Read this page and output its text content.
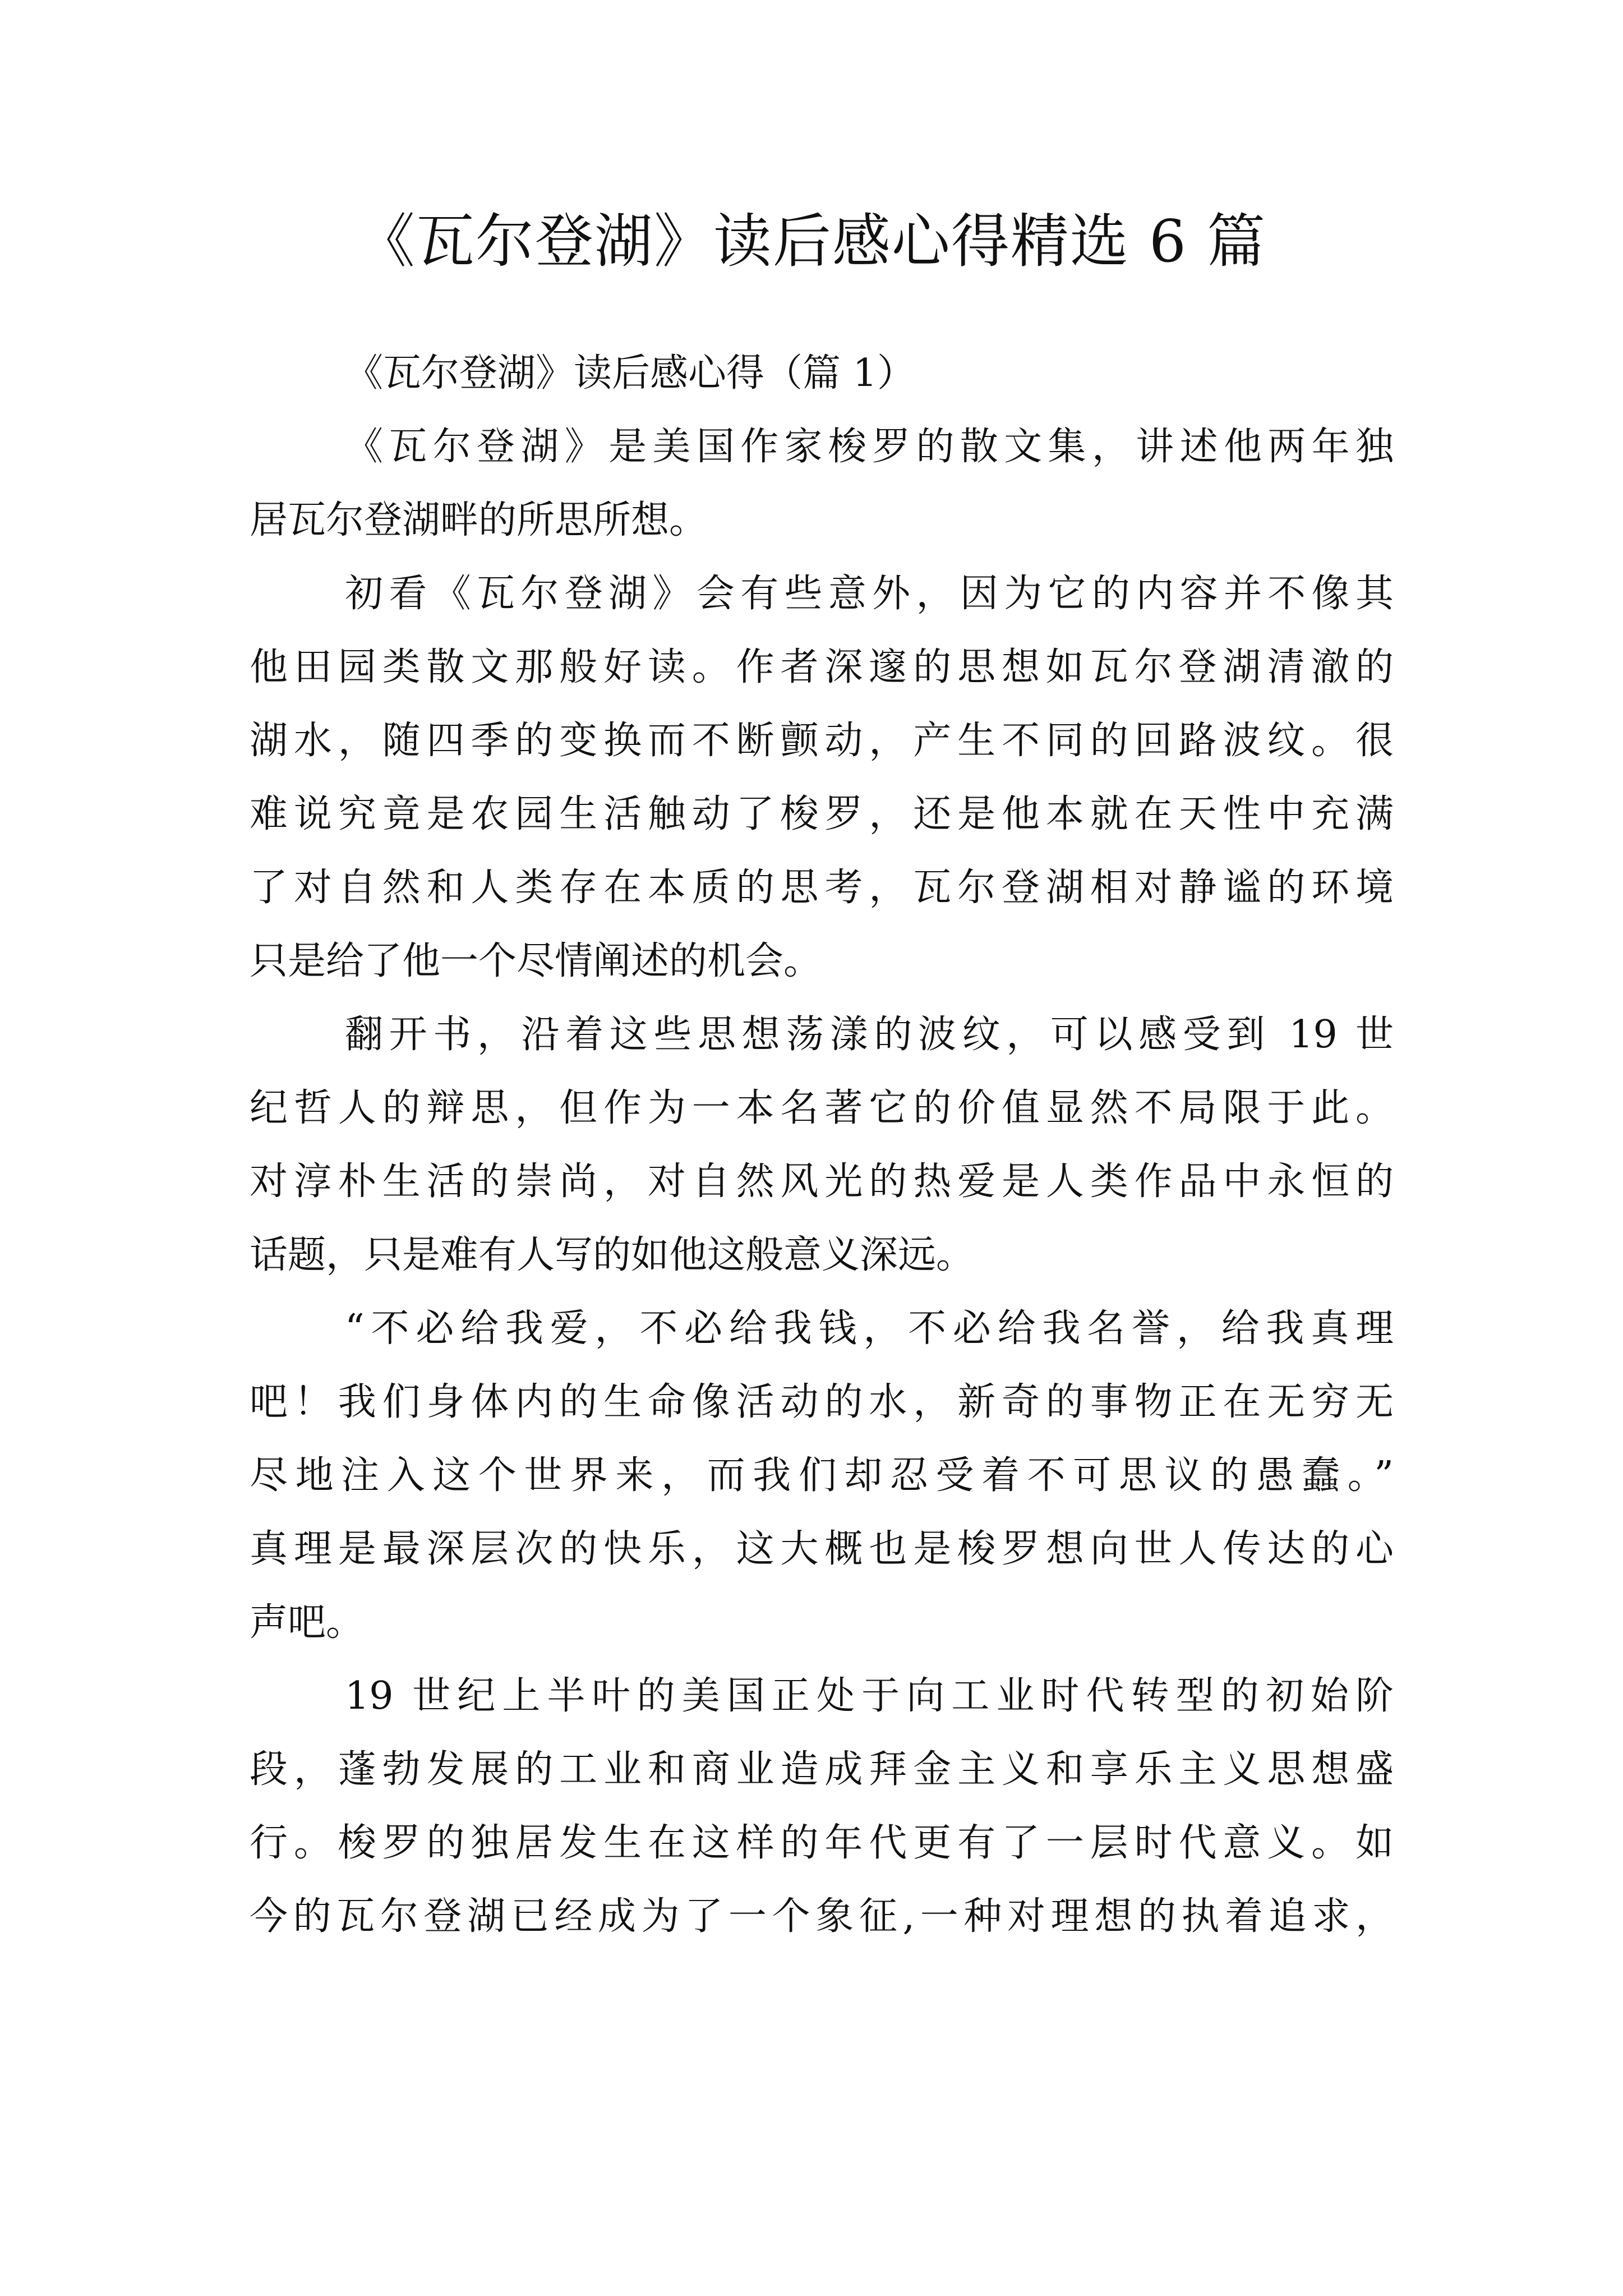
《瓦尔登湖》读后感心得精选 6 篇
《瓦尔登湖》读后感心得（篇 1）
《瓦尔登湖》是美国作家梭罗的散文集，讲述他两年独
居瓦尔登湖畔的所思所想。
初看《瓦尔登湖》会有些意外，因为它的内容并不像其
他田园类散文那般好读。作者深邃的思想如瓦尔登湖清澈的
湖水，随四季的变换而不断颤动，产生不同的回路波纹。很
难说究竟是农园生活触动了梭罗，还是他本就在天性中充满
了对自然和人类存在本质的思考，瓦尔登湖相对静谧的环境
只是给了他一个尽情阐述的机会。
翻开书，沿着这些思想荡漾的波纹，可以感受到 19 世
纪哲人的辩思，但作为一本名著它的价值显然不局限于此。
对淳朴生活的崇尚，对自然风光的热爱是人类作品中永恒的
话题，只是难有人写的如他这般意义深远。
“不必给我爱，不必给我钱，不必给我名誉，给我真理
吧！我们身体内的生命像活动的水，新奇的事物正在无穷无
尽地注入这个世界来，而我们却忍受着不可思议的愚蠢。”
真理是最深层次的快乐，这大概也是梭罗想向世人传达的心
声吧。
19 世纪上半叶的美国正处于向工业时代转型的初始阶
段，蓬勃发展的工业和商业造成拜金主义和享乐主义思想盛
行。梭罗的独居发生在这样的年代更有了一层时代意义。如
今的瓦尔登湖已经成为了一个象征,一种对理想的执着追求，
